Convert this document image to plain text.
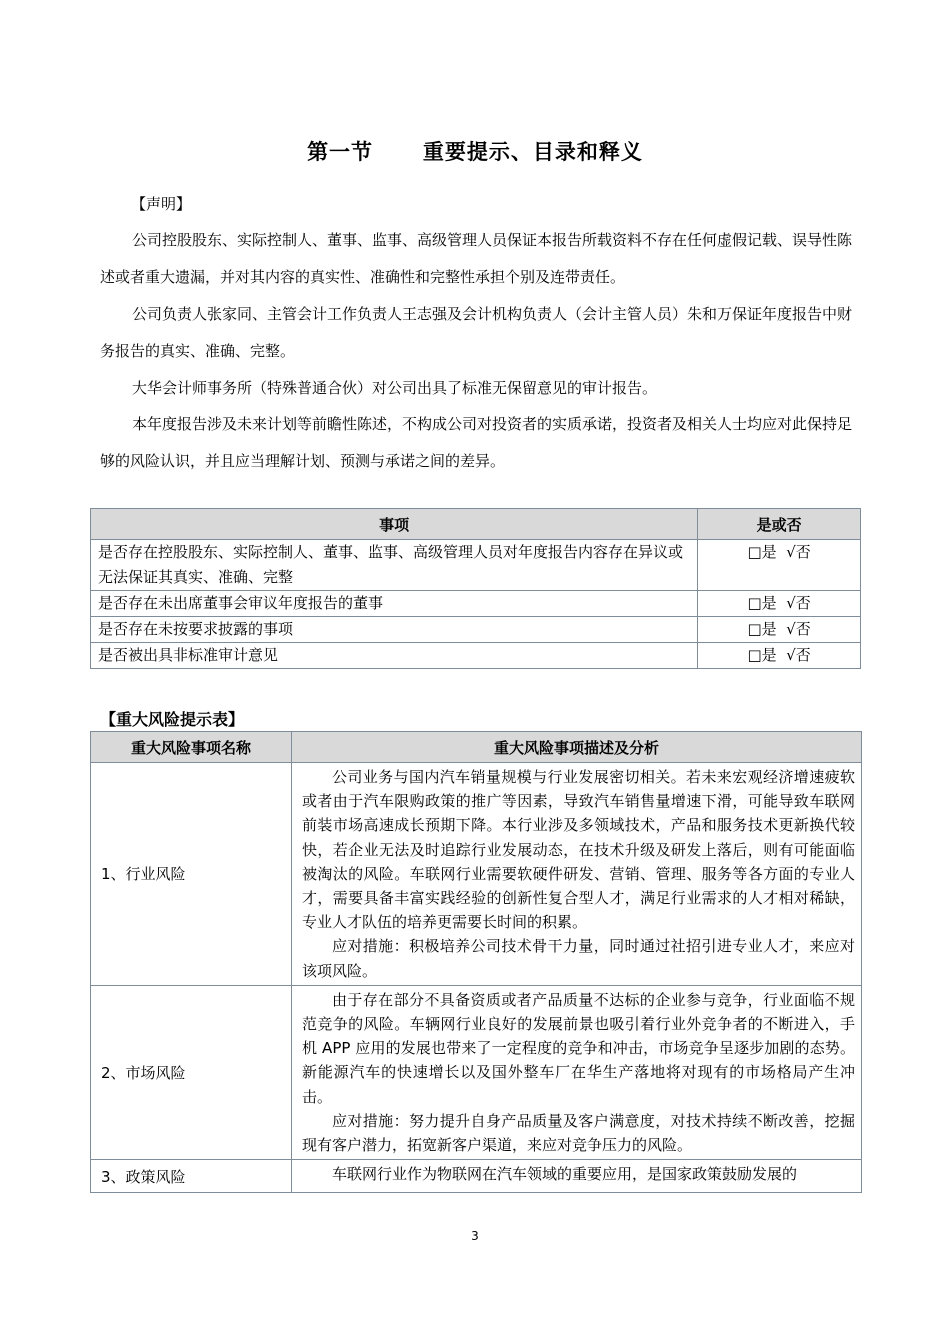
第一节      重要提示、目录和释义
【声明】
公司控股股东、实际控制人、董事、监事、高级管理人员保证本报告所载资料不存在任何虚假记载、误导性陈述或者重大遗漏，并对其内容的真实性、准确性和完整性承担个别及连带责任。
公司负责人张家同、主管会计工作负责人王志强及会计机构负责人（会计主管人员）朱和万保证年度报告中财务报告的真实、准确、完整。
大华会计师事务所（特殊普通合伙）对公司出具了标准无保留意见的审计报告。
本年度报告涉及未来计划等前瞻性陈述，不构成公司对投资者的实质承诺，投资者及相关人士均应对此保持足够的风险认识，并且应当理解计划、预测与承诺之间的差异。
事项	是或否
是否存在控股股东、实际控制人、董事、监事、高级管理人员对年度报告内容存在异议或无法保证其真实、准确、完整	□是  √否
是否存在未出席董事会审议年度报告的董事	□是  √否
是否存在未按要求披露的事项	□是  √否
是否被出具非标准审计意见	□是  √否
【重大风险提示表】
重大风险事项名称	重大风险事项描述及分析
1、行业风险	公司业务与国内汽车销量规模与行业发展密切相关。若未来宏观经济增速疲软或者由于汽车限购政策的推广等因素，导致汽车销售量增速下滑，可能导致车联网前装市场高速成长预期下降。本行业涉及多领域技术，产品和服务技术更新换代较快，若企业无法及时追踪行业发展动态，在技术升级及研发上落后，则有可能面临被淘汰的风险。车联网行业需要软硬件研发、营销、管理、服务等各方面的专业人才，需要具备丰富实践经验的创新性复合型人才，满足行业需求的人才相对稀缺，专业人才队伍的培养更需要长时间的积累。

应对措施：积极培养公司技术骨干力量，同时通过社招引进专业人才，来应对该项风险。

2、市场风险	由于存在部分不具备资质或者产品质量不达标的企业参与竞争，行业面临不规范竞争的风险。车辆网行业良好的发展前景也吸引着行业外竞争者的不断进入，手机 APP 应用的发展也带来了一定程度的竞争和冲击，市场竞争呈逐步加剧的态势。新能源汽车的快速增长以及国外整车厂在华生产落地将对现有的市场格局产生冲击。

应对措施：努力提升自身产品质量及客户满意度，对技术持续不断改善，挖掘现有客户潜力，拓宽新客户渠道，来应对竞争压力的风险。

3、政策风险	车联网行业作为物联网在汽车领域的重要应用，是国家政策鼓励发展的

3
